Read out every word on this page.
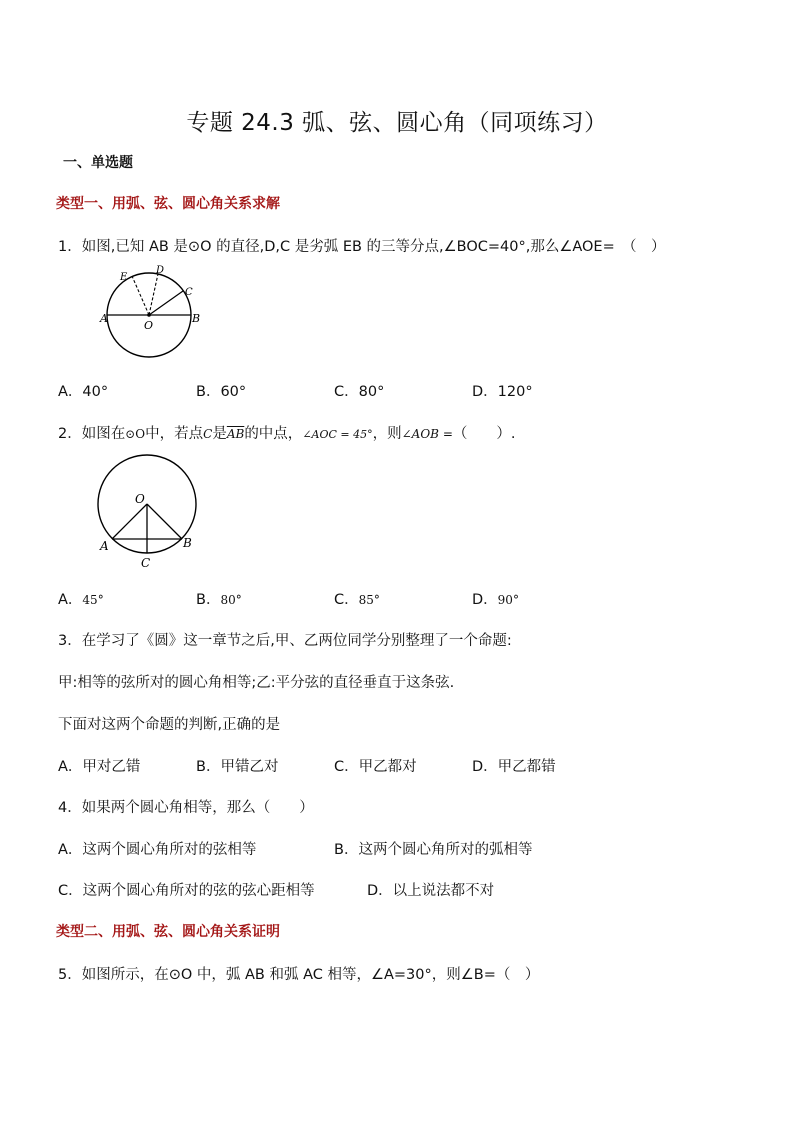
专题 24.3 弧、弦、圆心角（同项练习）
一、单选题
类型一、用弧、弦、圆心角关系求解
1．如图,已知 AB 是⊙O 的直径,D,C 是劣弧 EB 的三等分点,∠BOC=40°,那么∠AOE=　（　）
A	B
O
C
D
E
A．40°	B．60°	C．80°	D．120°
2．如图在⊙O中，若点C是$\overline{AB}$的中点，∠AOC = 45°，则∠AOB =（　　）.
O
A	B
C
A．45°	B．80°	C．85°	D．90°
3．在学习了《圆》这一章节之后,甲、乙两位同学分别整理了一个命题:
甲:相等的弦所对的圆心角相等;乙:平分弦的直径垂直于这条弦.
下面对这两个命题的判断,正确的是
A．甲对乙错	B．甲错乙对	C．甲乙都对	D．甲乙都错
4．如果两个圆心角相等，那么（　　）
A．这两个圆心角所对的弦相等	B．这两个圆心角所对的弧相等
C．这两个圆心角所对的弦的弦心距相等	D．以上说法都不对
类型二、用弧、弦、圆心角关系证明
5．如图所示，在⊙O 中，弧 AB 和弧 AC 相等，∠A=30°，则∠B=（　）
